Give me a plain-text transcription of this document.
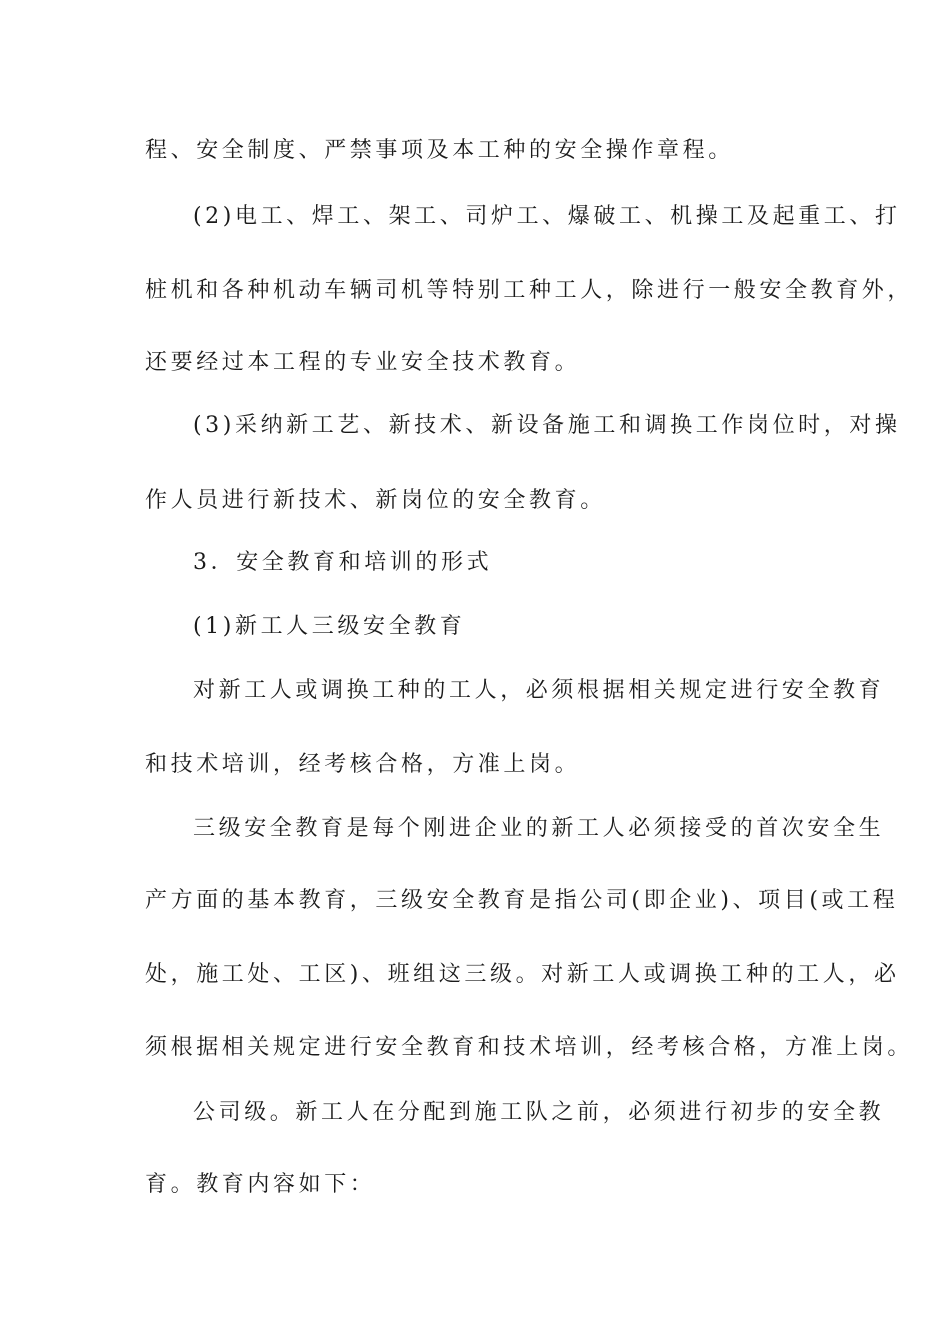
程、安全制度、严禁事项及本工种的安全操作章程。
(2)电工、焊工、架工、司炉工、爆破工、机操工及起重工、打
桩机和各种机动车辆司机等特别工种工人，除进行一般安全教育外，
还要经过本工程的专业安全技术教育。
(3)采纳新工艺、新技术、新设备施工和调换工作岗位时，对操
作人员进行新技术、新岗位的安全教育。
3．安全教育和培训的形式
(1)新工人三级安全教育
对新工人或调换工种的工人，必须根据相关规定进行安全教育
和技术培训，经考核合格，方准上岗。
三级安全教育是每个刚进企业的新工人必须接受的首次安全生
产方面的基本教育，三级安全教育是指公司(即企业)、项目(或工程
处，施工处、工区)、班组这三级。对新工人或调换工种的工人，必
须根据相关规定进行安全教育和技术培训，经考核合格，方准上岗。
公司级。新工人在分配到施工队之前，必须进行初步的安全教
育。教育内容如下：
